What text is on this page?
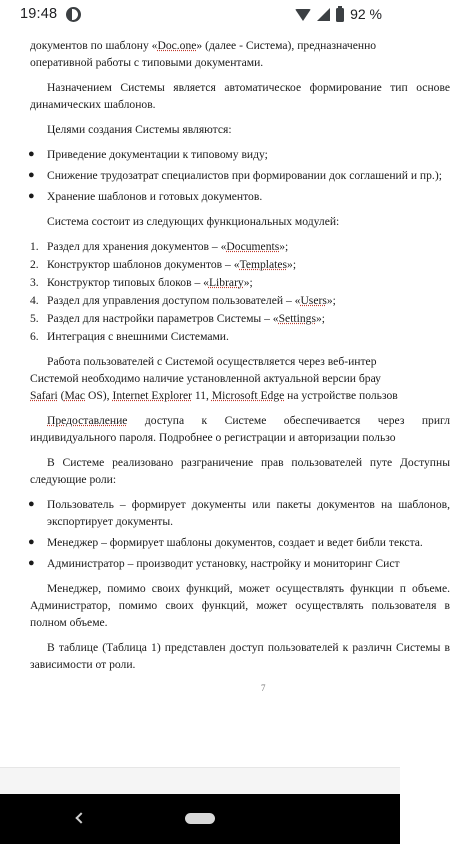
19:48	92 %

документов по шаблону «Doc.one» (далее - Система), предназначенно
оперативной работы с типовыми документами.

Назначением Системы является автоматическое формирование тип основе динамических шаблонов.

Целями создания Системы являются:

● Приведение документации к типовому виду;
● Снижение трудозатрат специалистов при формировании док соглашений и пр.);
● Хранение шаблонов и готовых документов.

Система состоит из следующих функциональных модулей:

1. Раздел для хранения документов – «Documents»;
2. Конструктор шаблонов документов – «Templates»;
3. Конструктор типовых блоков – «Library»;
4. Раздел для управления доступом пользователей – «Users»;
5. Раздел для настройки параметров Системы – «Settings»;
6. Интеграция с внешними Системами.

Работа пользователей с Системой осуществляется через веб-интер
Системой необходимо наличие установленной актуальной версии брау
Safari (Mac OS), Internet Explorer 11, Microsoft Edge на устройстве пользов

Предоставление доступа к Системе обеспечивается через пригл индивидуального пароля. Подробнее о регистрации и авторизации пользо

В Системе реализовано разграничение прав пользователей путе Доступны следующие роли:

● Пользователь – формирует документы или пакеты документов на шаблонов, экспортирует документы.
● Менеджер – формирует шаблоны документов, создает и ведет библи текста.
● Администратор – производит установку, настройку и мониторинг Сист

Менеджер, помимо своих функций, может осуществлять функции п объеме. Администратор, помимо своих функций, может осуществлять пользователя в полном объеме.

В таблице (Таблица 1) представлен доступ пользователей к различн Системы в зависимости от роли.

7
